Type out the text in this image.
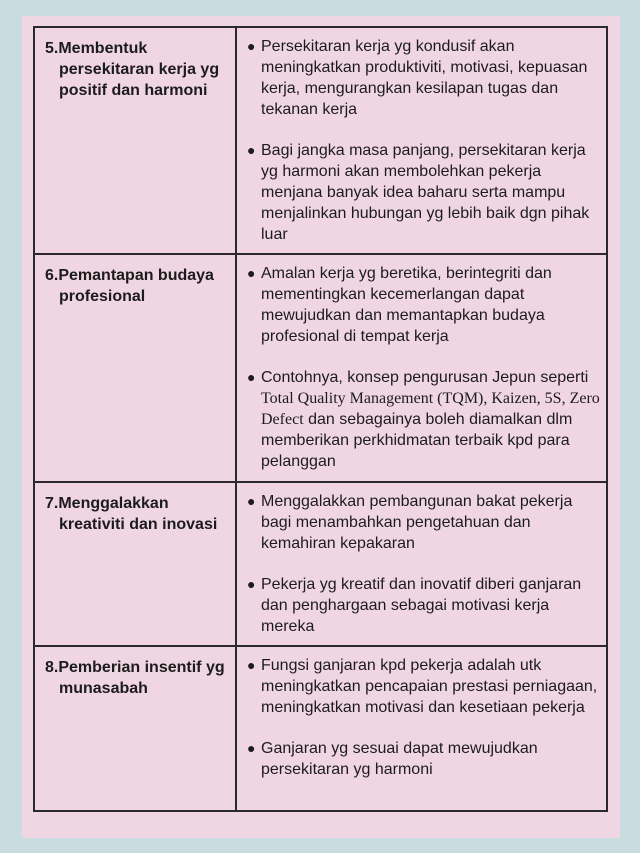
5.Membentuk persekitaran kerja yg positif dan harmoni	● Persekitaran kerja yg kondusif akan meningkatkan produktiviti, motivasi, kepuasan kerja, mengurangkan kesilapan tugas dan tekanan kerja
● Bagi jangka masa panjang, persekitaran kerja yg harmoni akan membolehkan pekerja menjana banyak idea baharu serta mampu menjalinkan hubungan yg lebih baik dgn pihak luar

6.Pemantapan budaya profesional	● Amalan kerja yg beretika, berintegriti dan mementingkan kecemerlangan dapat mewujudkan dan memantapkan budaya profesional di tempat kerja
● Contohnya, konsep pengurusan Jepun seperti Total Quality Management (TQM), Kaizen, 5S, Zero Defect dan sebagainya boleh diamalkan dlm memberikan perkhidmatan terbaik kpd para pelanggan

7.Menggalakkan kreativiti dan inovasi	● Menggalakkan pembangunan bakat pekerja bagi menambahkan pengetahuan dan kemahiran kepakaran
● Pekerja yg kreatif dan inovatif diberi ganjaran dan penghargaan sebagai motivasi kerja mereka

8.Pemberian insentif yg munasabah	● Fungsi ganjaran kpd pekerja adalah utk meningkatkan pencapaian prestasi perniagaan, meningkatkan motivasi dan kesetiaan pekerja
● Ganjaran yg sesuai dapat mewujudkan persekitaran yg harmoni
